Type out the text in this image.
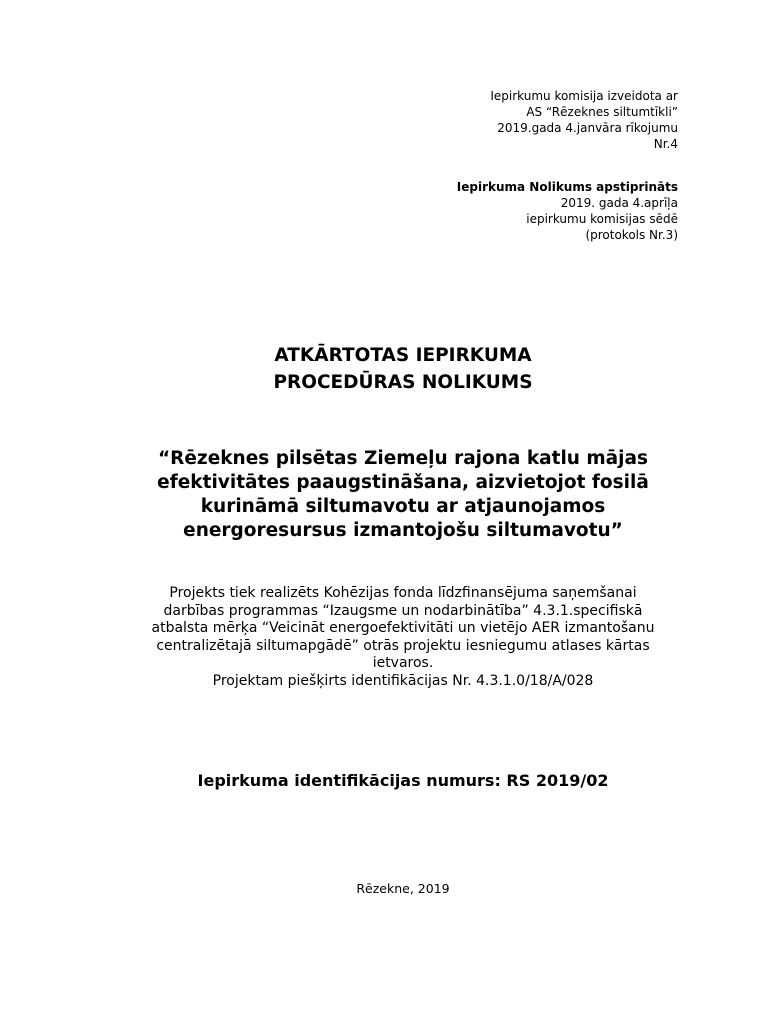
Iepirkumu komisija izveidota ar
AS “Rēzeknes siltumtīkli”
2019.gada 4.janvāra rīkojumu
Nr.4
Iepirkuma Nolikums apstiprināts
2019. gada 4.aprīļa
iepirkumu komisijas sēdē
(protokols Nr.3)
ATKĀRTOTAS IEPIRKUMA
PROCEDŪRAS NOLIKUMS
“Rēzeknes pilsētas Ziemeļu rajona katlu mājas
efektivitātes paaugstināšana, aizvietojot fosilā
kurināmā siltumavotu ar atjaunojamos
energoresursus izmantojošu siltumavotu”
Projekts tiek realizēts Kohēzijas fonda līdzfinansējuma saņemšanai
darbības programmas “Izaugsme un nodarbinātība” 4.3.1.specifiskā
atbalsta mērķa “Veicināt energoefektivitāti un vietējo AER izmantošanu
centralizētajā siltumapgādē” otrās projektu iesniegumu atlases kārtas
ietvaros.
Projektam piešķirts identifikācijas Nr. 4.3.1.0/18/A/028
Iepirkuma identifikācijas numurs: RS 2019/02
Rēzekne, 2019
